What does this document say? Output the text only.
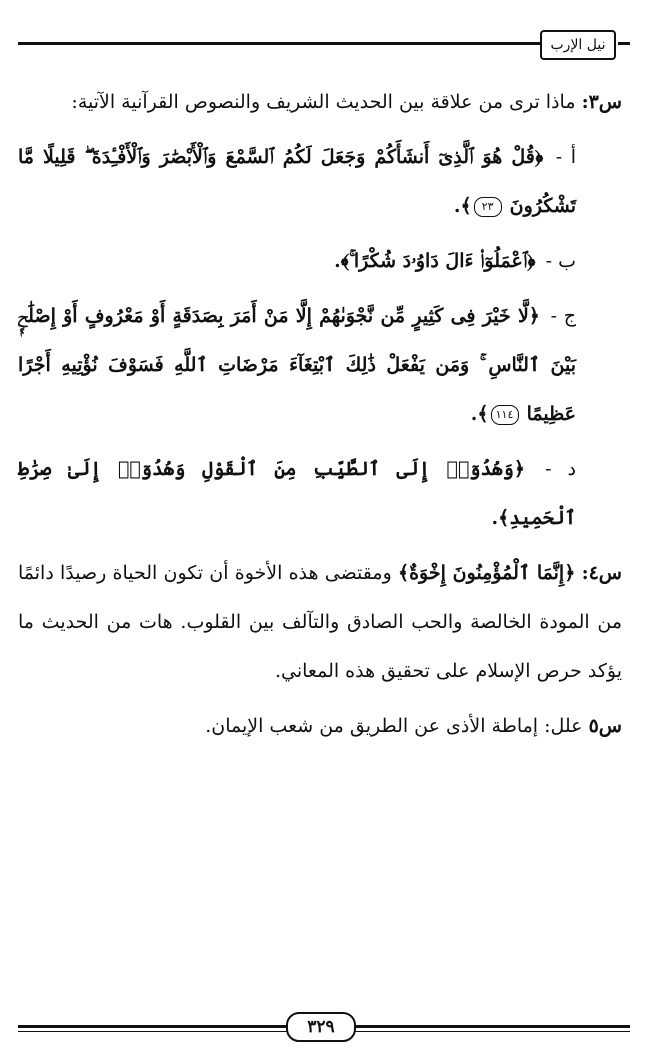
نيل الإرب

س٣: ماذا ترى من علاقة بين الحديث الشريف والنصوص القرآنية الآتية:

أ - ﴿قُلْ هُوَ ٱلَّذِىٓ أَنشَأَكُمْ وَجَعَلَ لَكُمُ ٱلسَّمْعَ وَٱلْأَبْصَٰرَ وَٱلْأَفْـِٔدَةَ ۖ قَلِيلًا مَّا تَشْكُرُونَ ٢٣﴾.

ب - ﴿ٱعْمَلُوٓا۟ ءَالَ دَاوُۥدَ شُكْرًا ۚ﴾.

ج - ﴿لَّا خَيْرَ فِى كَثِيرٍ مِّن نَّجْوَىٰهُمْ إِلَّا مَنْ أَمَرَ بِصَدَقَةٍ أَوْ مَعْرُوفٍ أَوْ إِصْلَٰحٍۭ بَيْنَ ٱلنَّاسِ ۚ وَمَن يَفْعَلْ ذَٰلِكَ ٱبْتِغَآءَ مَرْضَاتِ ٱللَّهِ فَسَوْفَ نُؤْتِيهِ أَجْرًا عَظِيمًا ١١٤﴾.

د - ﴿وَهُدُوٓا۟ إِلَى ٱلطَّيِّبِ مِنَ ٱلْقَوْلِ وَهُدُوٓا۟ إِلَىٰ صِرَٰطِ ٱلْحَمِيدِ﴾.

س٤: ﴿إِنَّمَا ٱلْمُؤْمِنُونَ إِخْوَةٌ﴾ ومقتضى هذه الأخوة أن تكون الحياة رصيدًا دائمًا من المودة الخالصة والحب الصادق والتآلف بين القلوب. هات من الحديث ما يؤكد حرص الإسلام على تحقيق هذه المعاني.

س٥ علل: إماطة الأذى عن الطريق من شعب الإيمان.

٣٢٩
